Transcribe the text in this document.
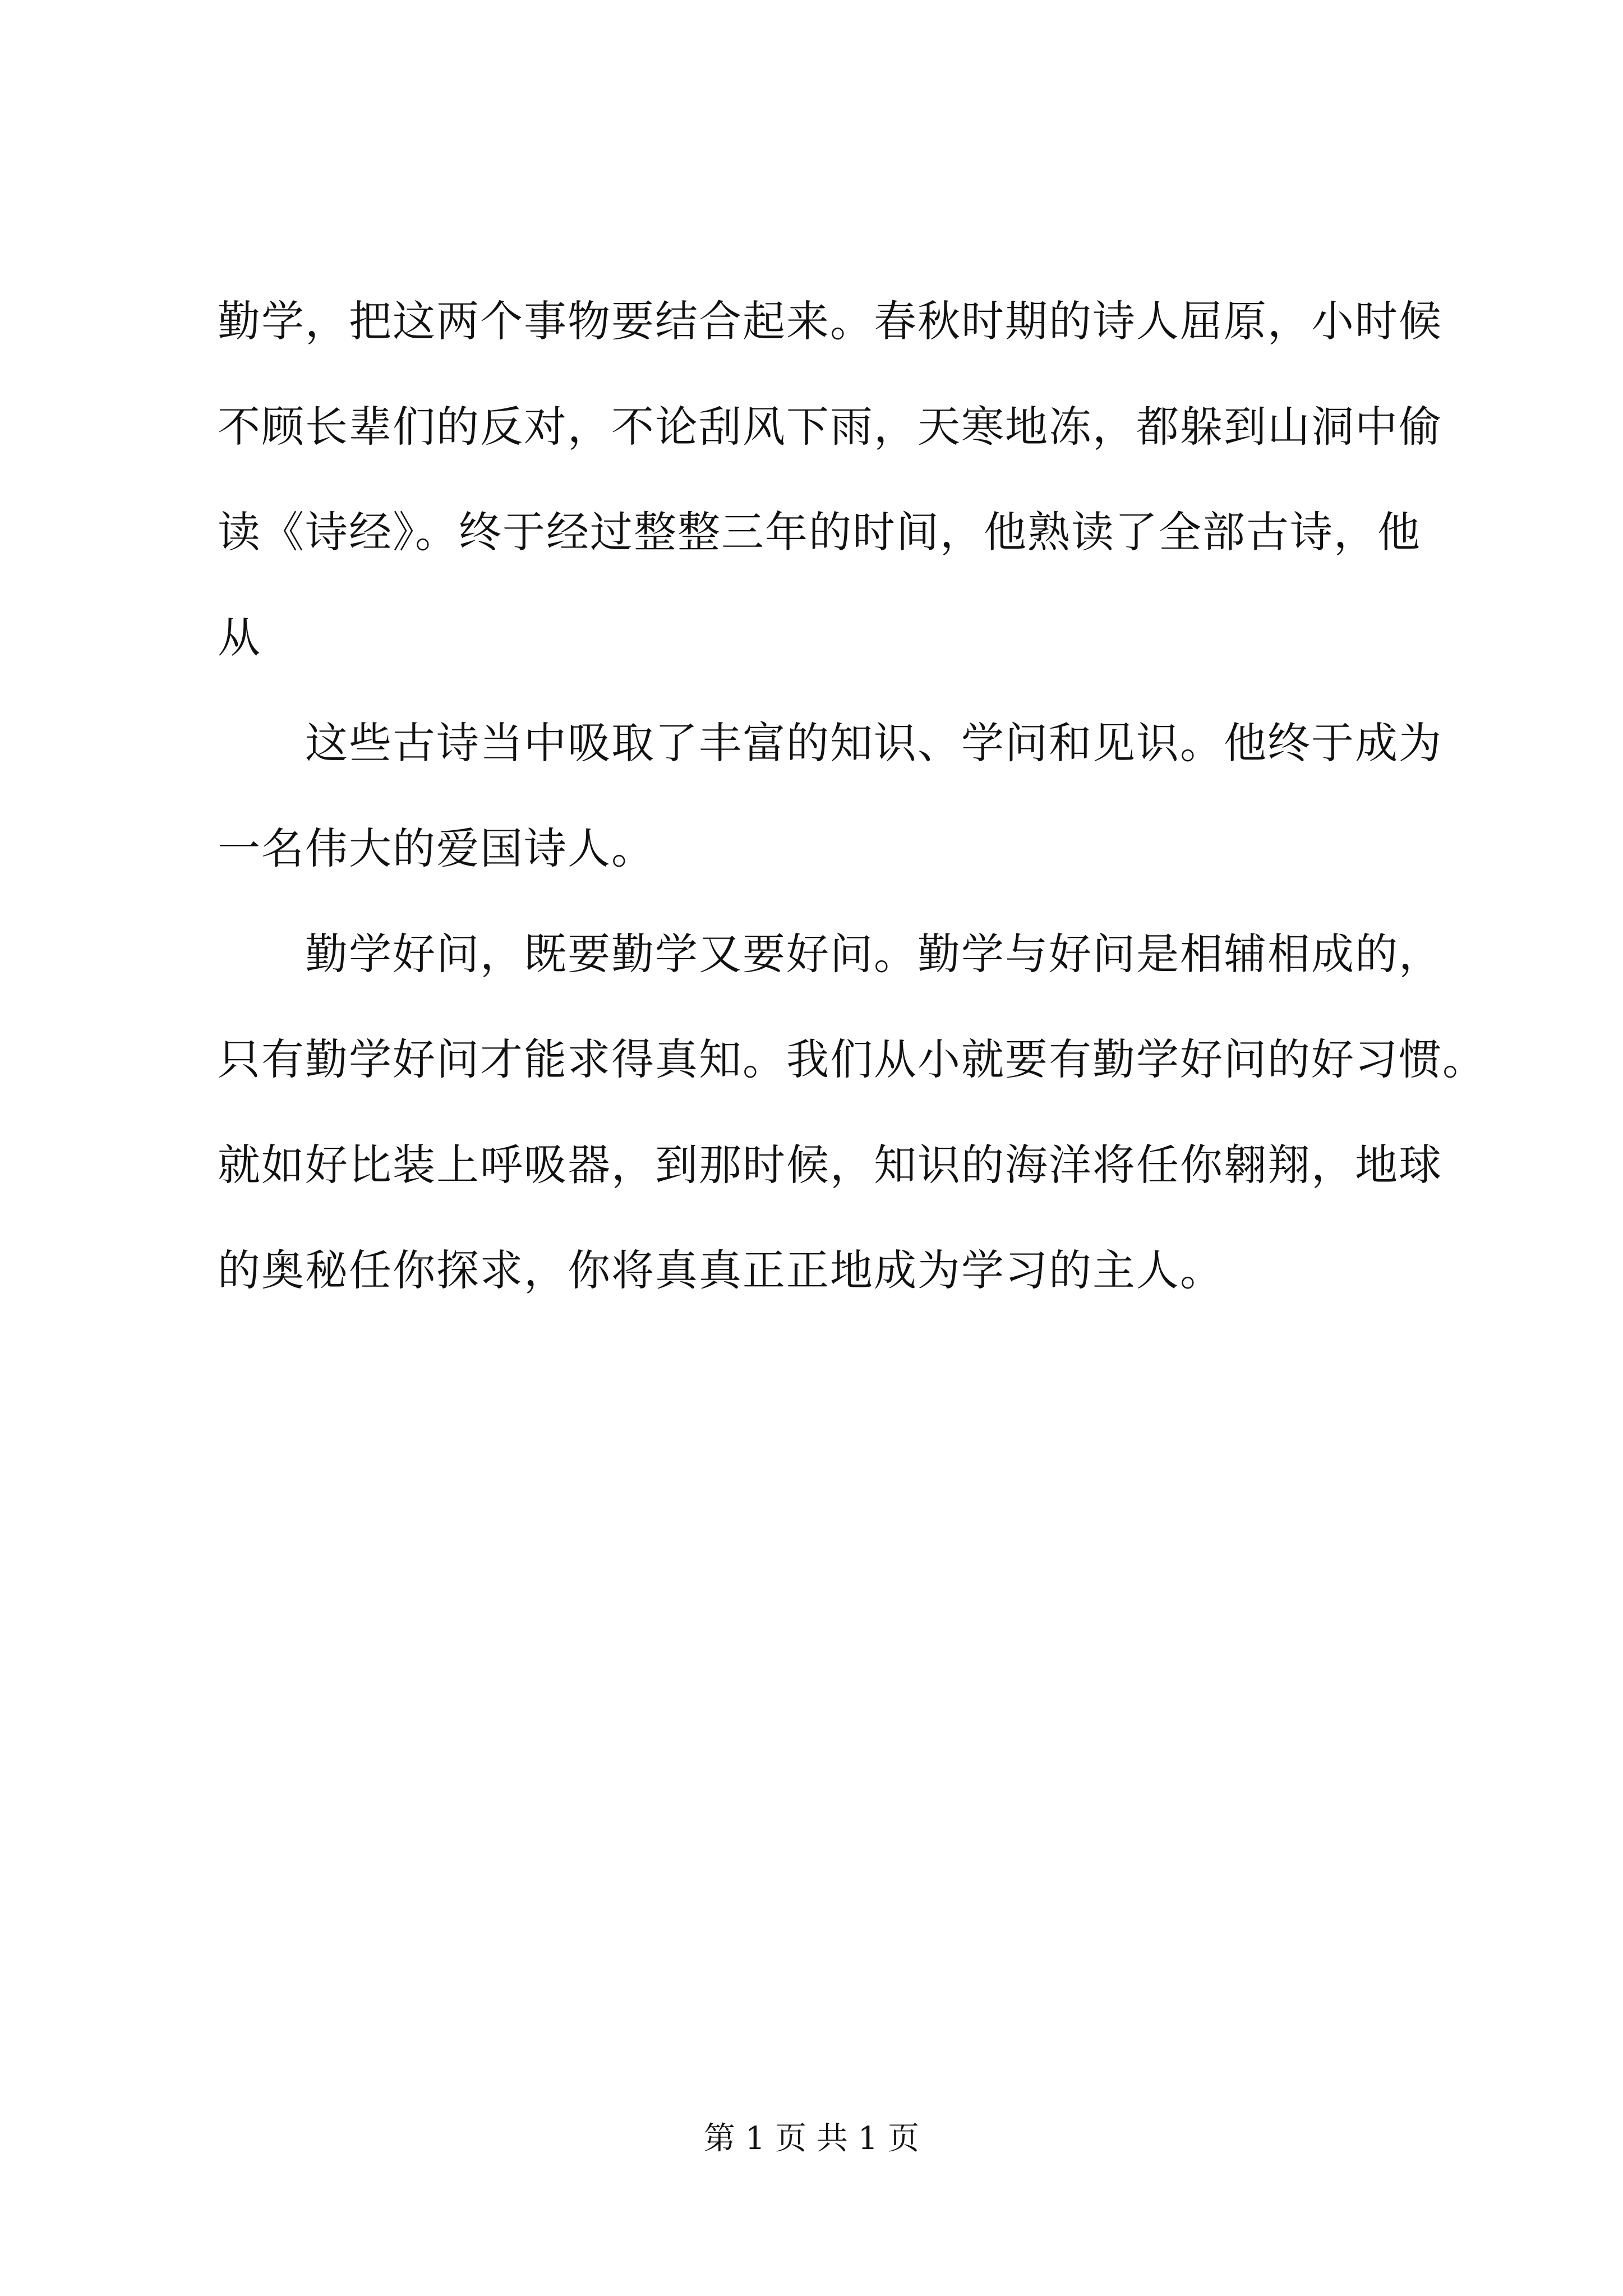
勤学，把这两个事物要结合起来。春秋时期的诗人屈原，小时候
不顾长辈们的反对，不论刮风下雨，天寒地冻，都躲到山洞中偷
读《诗经》。终于经过整整三年的时间，他熟读了全部古诗，他
从
　　这些古诗当中吸取了丰富的知识、学问和见识。他终于成为
一名伟大的爱国诗人。
　　勤学好问，既要勤学又要好问。勤学与好问是相辅相成的，
只有勤学好问才能求得真知。我们从小就要有勤学好问的好习惯。
就如好比装上呼吸器，到那时候，知识的海洋将任你翱翔，地球
的奥秘任你探求，你将真真正正地成为学习的主人。
第 1 页 共 1 页
